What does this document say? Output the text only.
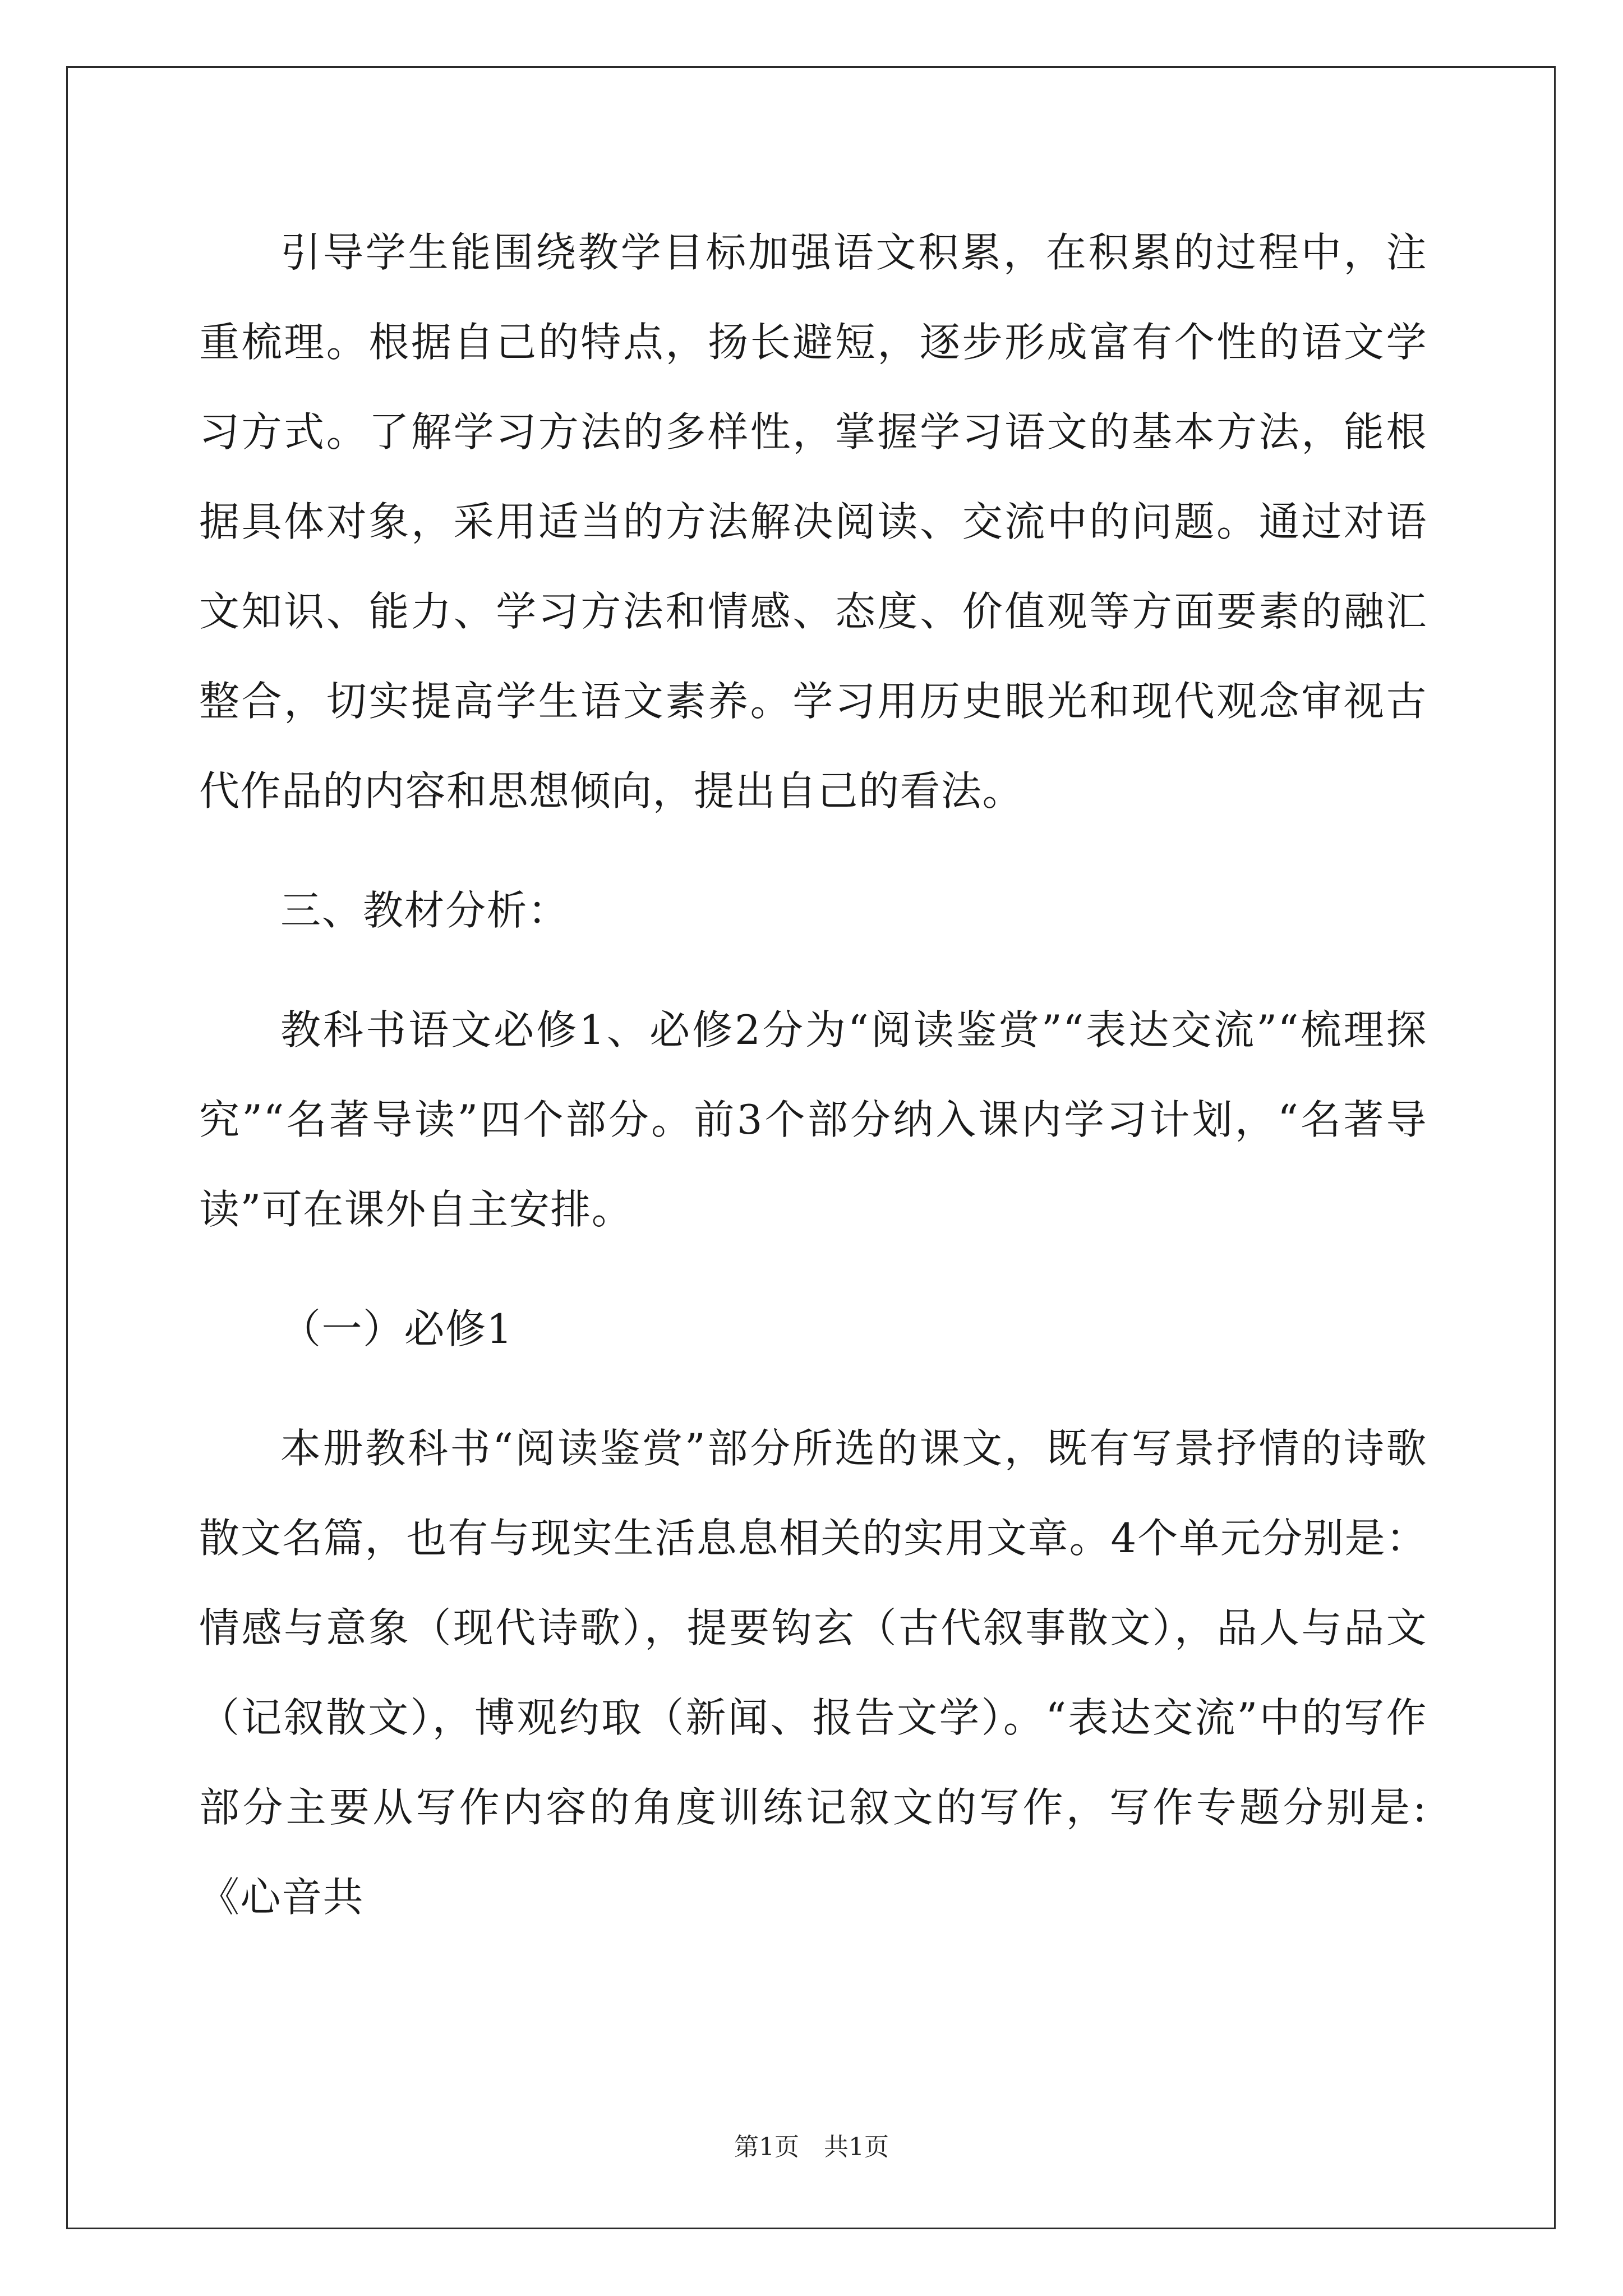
引导学生能围绕教学目标加强语文积累，在积累的过程中，注重梳理。根据自己的特点，扬长避短，逐步形成富有个性的语文学习方式。了解学习方法的多样性，掌握学习语文的基本方法，能根据具体对象，采用适当的方法解决阅读、交流中的问题。通过对语文知识、能力、学习方法和情感、态度、价值观等方面要素的融汇整合，切实提高学生语文素养。学习用历史眼光和现代观念审视古代作品的内容和思想倾向，提出自己的看法。

三、教材分析：

教科书语文必修1、必修2分为“阅读鉴赏”“表达交流”“梳理探究”“名著导读”四个部分。前3个部分纳入课内学习计划，“名著导读”可在课外自主安排。

（一）必修1

本册教科书“阅读鉴赏”部分所选的课文，既有写景抒情的诗歌散文名篇，也有与现实生活息息相关的实用文章。4个单元分别是：情感与意象（现代诗歌），提要钩玄（古代叙事散文），品人与品文（记叙散文），博观约取（新闻、报告文学）。“表达交流”中的写作部分主要从写作内容的角度训练记叙文的写作，写作专题分别是:《心音共

第1页　共1页
